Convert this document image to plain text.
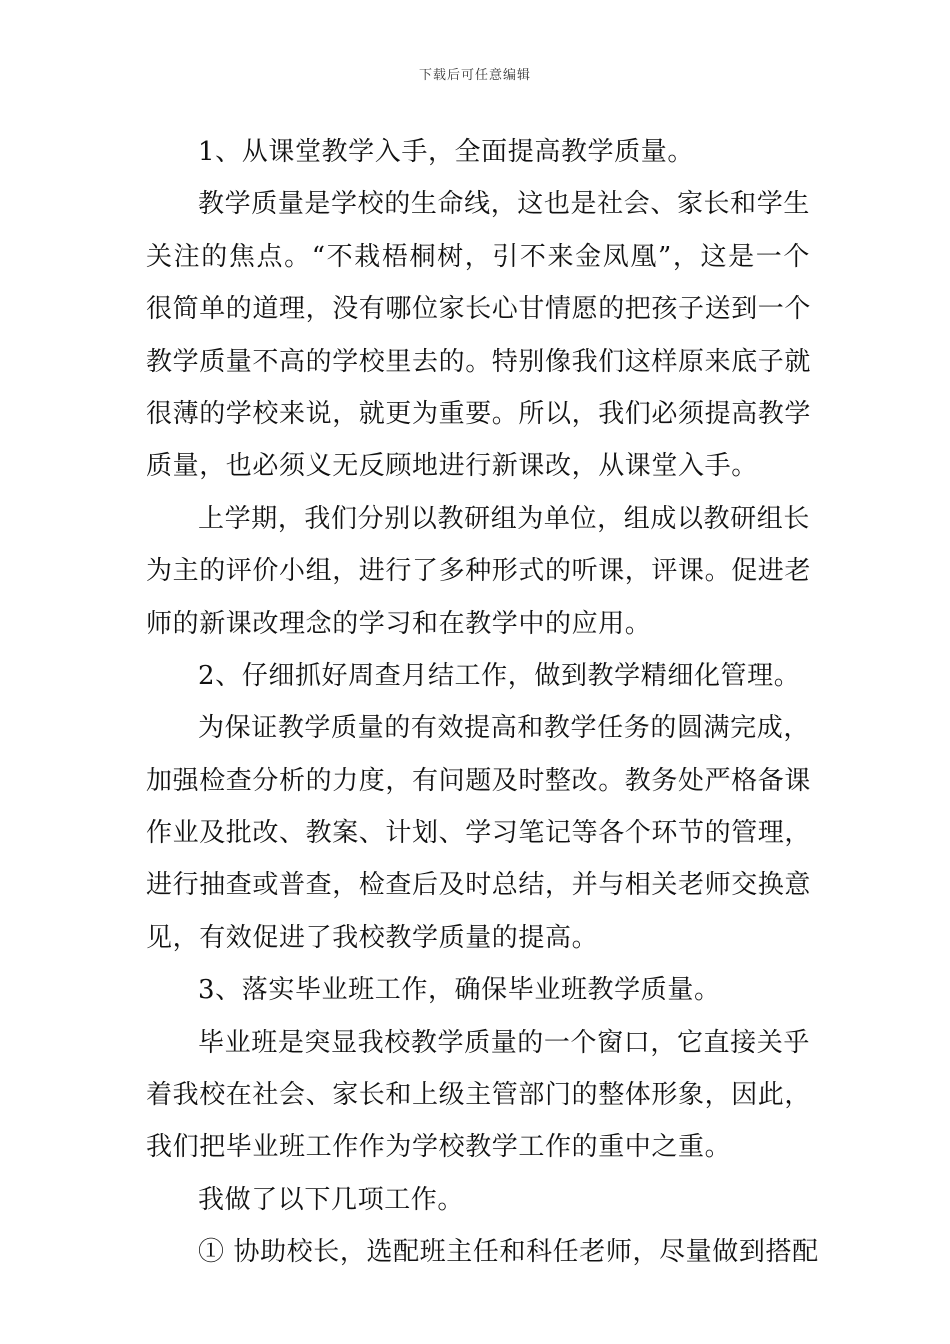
下载后可任意编辑
1、从课堂教学入手，全面提高教学质量。
教学质量是学校的生命线，这也是社会、家长和学生
关注的焦点。“不栽梧桐树，引不来金凤凰”，这是一个
很简单的道理，没有哪位家长心甘情愿的把孩子送到一个
教学质量不高的学校里去的。特别像我们这样原来底子就
很薄的学校来说，就更为重要。所以，我们必须提高教学
质量，也必须义无反顾地进行新课改，从课堂入手。
上学期，我们分别以教研组为单位，组成以教研组长
为主的评价小组，进行了多种形式的听课，评课。促进老
师的新课改理念的学习和在教学中的应用。
2、仔细抓好周查月结工作，做到教学精细化管理。
为保证教学质量的有效提高和教学任务的圆满完成，
加强检查分析的力度，有问题及时整改。教务处严格备课
作业及批改、教案、计划、学习笔记等各个环节的管理，
进行抽查或普查，检查后及时总结，并与相关老师交换意
见，有效促进了我校教学质量的提高。
3、落实毕业班工作，确保毕业班教学质量。
毕业班是突显我校教学质量的一个窗口，它直接关乎
着我校在社会、家长和上级主管部门的整体形象，因此，
我们把毕业班工作作为学校教学工作的重中之重。
我做了以下几项工作。
① 协助校长，选配班主任和科任老师，尽量做到搭配
